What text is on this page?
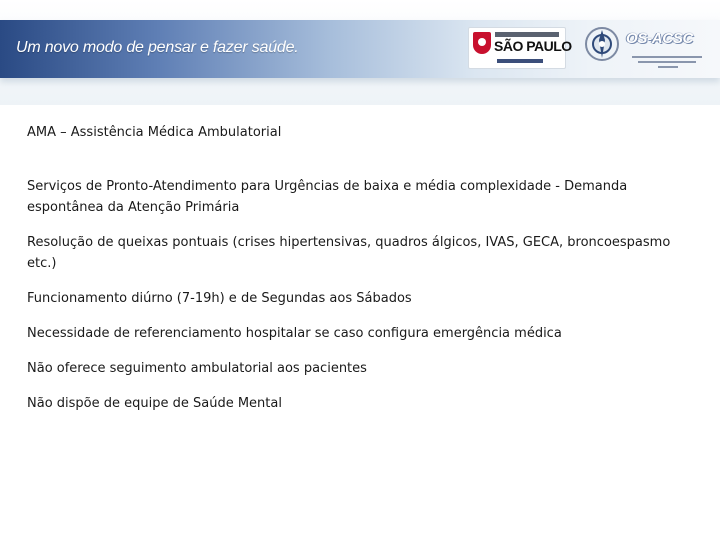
Um novo modo de pensar e fazer saúde.	SÃO PAULO	OS-ACSC

AMA – Assistência Médica Ambulatorial

Serviços de Pronto-Atendimento para Urgências de baixa e média complexidade - Demanda espontânea da Atenção Primária

Resolução de queixas pontuais (crises hipertensivas, quadros álgicos, IVAS, GECA, broncoespasmo etc.)

Funcionamento diúrno (7-19h) e de Segundas aos Sábados

Necessidade de referenciamento hospitalar se caso configura emergência médica

Não oferece seguimento ambulatorial aos pacientes

Não dispõe de equipe de Saúde Mental
